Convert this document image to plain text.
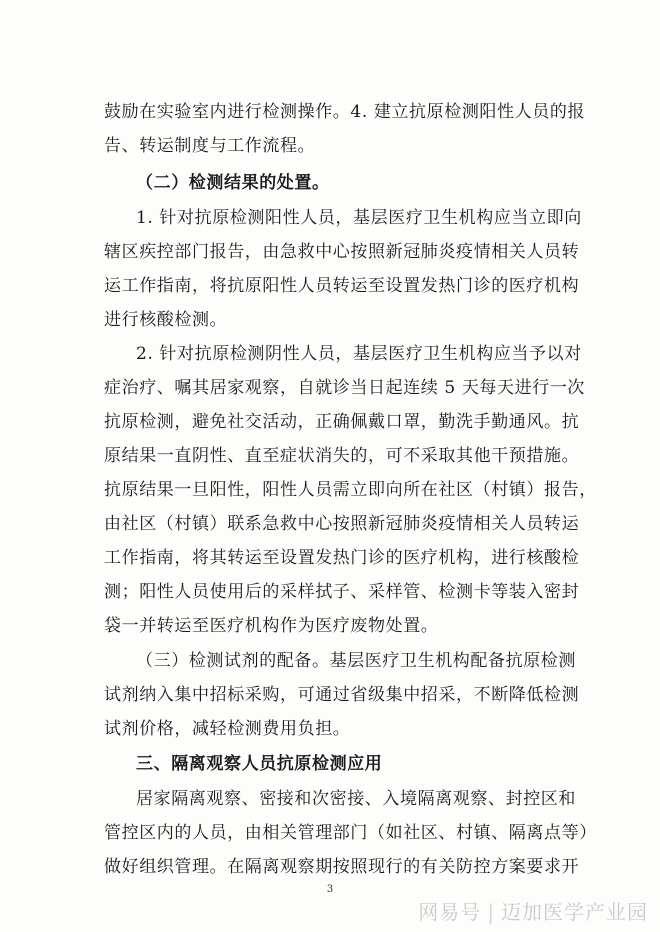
鼓励在实验室内进行检测操作。4. 建立抗原检测阳性人员的报
告、转运制度与工作流程。
（二）检测结果的处置。
1. 针对抗原检测阳性人员，基层医疗卫生机构应当立即向
辖区疾控部门报告，由急救中心按照新冠肺炎疫情相关人员转
运工作指南，将抗原阳性人员转运至设置发热门诊的医疗机构
进行核酸检测。
2. 针对抗原检测阴性人员，基层医疗卫生机构应当予以对
症治疗、嘱其居家观察，自就诊当日起连续 5 天每天进行一次
抗原检测，避免社交活动，正确佩戴口罩，勤洗手勤通风。抗
原结果一直阴性、直至症状消失的，可不采取其他干预措施。
抗原结果一旦阳性，阳性人员需立即向所在社区（村镇）报告，
由社区（村镇）联系急救中心按照新冠肺炎疫情相关人员转运
工作指南，将其转运至设置发热门诊的医疗机构，进行核酸检
测；阳性人员使用后的采样拭子、采样管、检测卡等装入密封
袋一并转运至医疗机构作为医疗废物处置。
（三）检测试剂的配备。基层医疗卫生机构配备抗原检测
试剂纳入集中招标采购，可通过省级集中招采，不断降低检测
试剂价格，减轻检测费用负担。
三、隔离观察人员抗原检测应用
居家隔离观察、密接和次密接、入境隔离观察、封控区和
管控区内的人员，由相关管理部门（如社区、村镇、隔离点等）
做好组织管理。在隔离观察期按照现行的有关防控方案要求开
3
网易号 | 迈加医学产业园
